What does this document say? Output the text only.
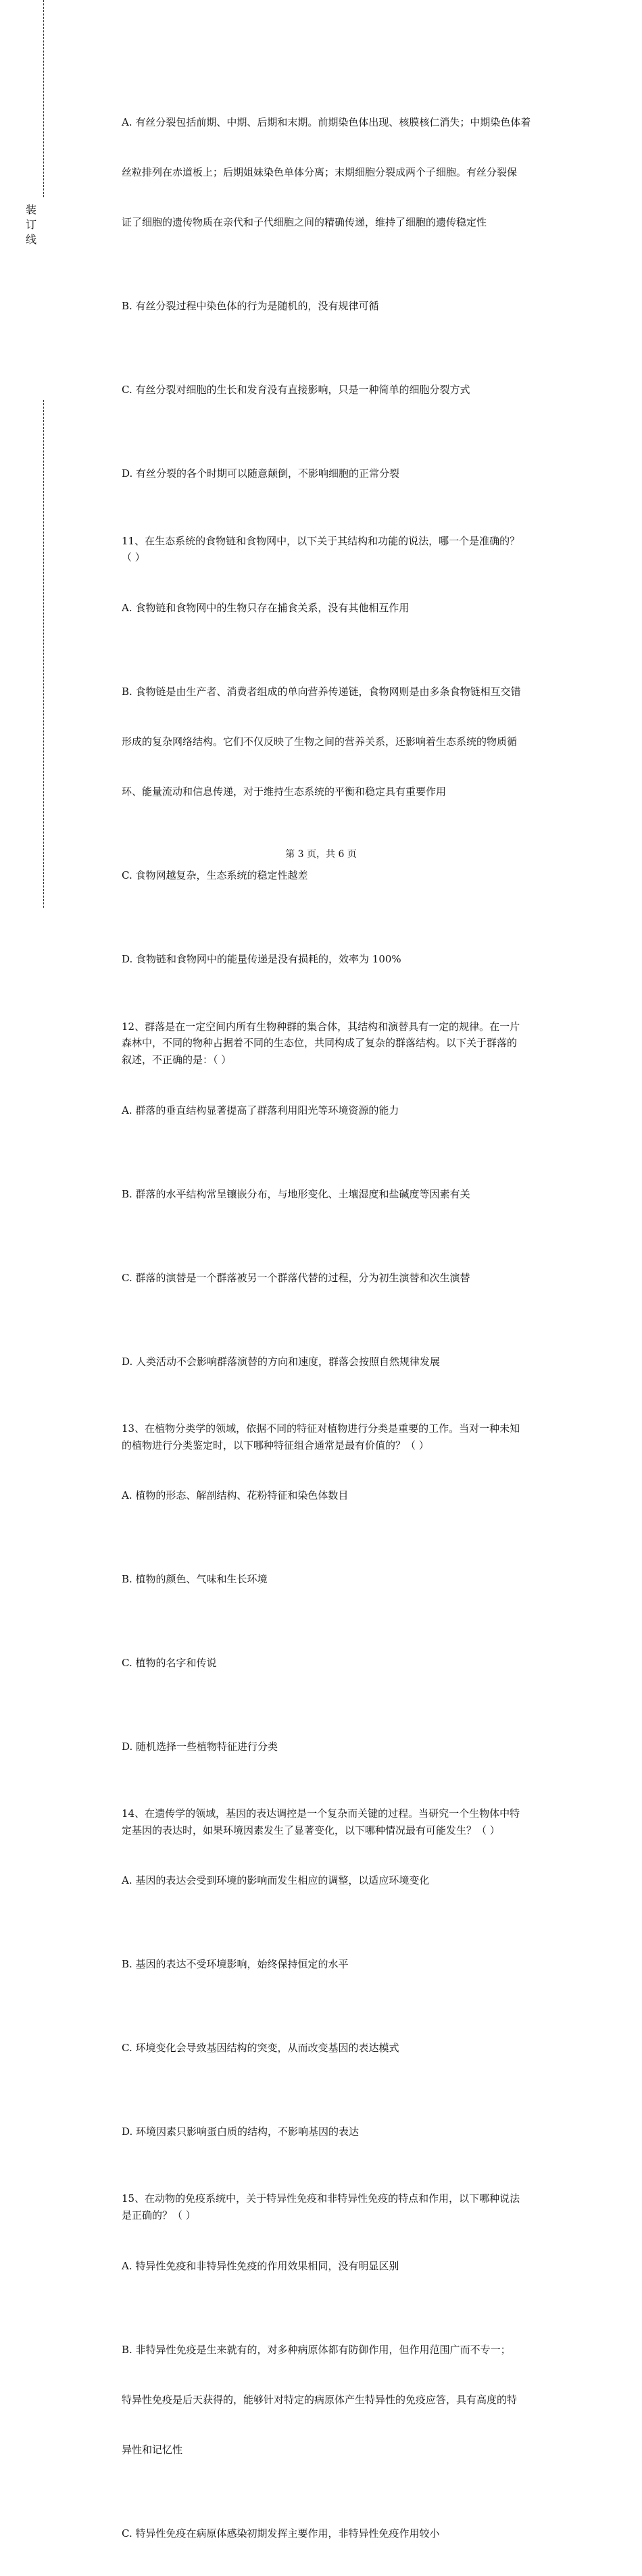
装订线

A. 有丝分裂包括前期、中期、后期和末期。前期染色体出现、核膜核仁消失；中期染色体着

丝粒排列在赤道板上；后期姐妹染色单体分离；末期细胞分裂成两个子细胞。有丝分裂保

证了细胞的遗传物质在亲代和子代细胞之间的精确传递，维持了细胞的遗传稳定性

B. 有丝分裂过程中染色体的行为是随机的，没有规律可循

C. 有丝分裂对细胞的生长和发育没有直接影响，只是一种简单的细胞分裂方式

D. 有丝分裂的各个时期可以随意颠倒，不影响细胞的正常分裂

11、在生态系统的食物链和食物网中，以下关于其结构和功能的说法，哪一个是准确的？
（ ）

A. 食物链和食物网中的生物只存在捕食关系，没有其他相互作用

B. 食物链是由生产者、消费者组成的单向营养传递链，食物网则是由多条食物链相互交错

形成的复杂网络结构。它们不仅反映了生物之间的营养关系，还影响着生态系统的物质循

环、能量流动和信息传递，对于维持生态系统的平衡和稳定具有重要作用

C. 食物网越复杂，生态系统的稳定性越差

D. 食物链和食物网中的能量传递是没有损耗的，效率为 100%

12、群落是在一定空间内所有生物种群的集合体，其结构和演替具有一定的规律。在一片
森林中，不同的物种占据着不同的生态位，共同构成了复杂的群落结构。以下关于群落的
叙述，不正确的是：（ ）

A. 群落的垂直结构显著提高了群落利用阳光等环境资源的能力

B. 群落的水平结构常呈镶嵌分布，与地形变化、土壤湿度和盐碱度等因素有关

C. 群落的演替是一个群落被另一个群落代替的过程，分为初生演替和次生演替

D. 人类活动不会影响群落演替的方向和速度，群落会按照自然规律发展

13、在植物分类学的领域，依据不同的特征对植物进行分类是重要的工作。当对一种未知
的植物进行分类鉴定时，以下哪种特征组合通常是最有价值的？（ ）

A. 植物的形态、解剖结构、花粉特征和染色体数目

B. 植物的颜色、气味和生长环境

C. 植物的名字和传说

D. 随机选择一些植物特征进行分类

14、在遗传学的领域，基因的表达调控是一个复杂而关键的过程。当研究一个生物体中特
定基因的表达时，如果环境因素发生了显著变化，以下哪种情况最有可能发生？（ ）

A. 基因的表达会受到环境的影响而发生相应的调整，以适应环境变化

B. 基因的表达不受环境影响，始终保持恒定的水平

C. 环境变化会导致基因结构的突变，从而改变基因的表达模式

D. 环境因素只影响蛋白质的结构，不影响基因的表达

15、在动物的免疫系统中，关于特异性免疫和非特异性免疫的特点和作用，以下哪种说法
是正确的？（ ）

A. 特异性免疫和非特异性免疫的作用效果相同，没有明显区别

B. 非特异性免疫是生来就有的，对多种病原体都有防御作用，但作用范围广而不专一；

特异性免疫是后天获得的，能够针对特定的病原体产生特异性的免疫应答，具有高度的特

异性和记忆性

C. 特异性免疫在病原体感染初期发挥主要作用，非特异性免疫作用较小

第 3 页，共 6 页
